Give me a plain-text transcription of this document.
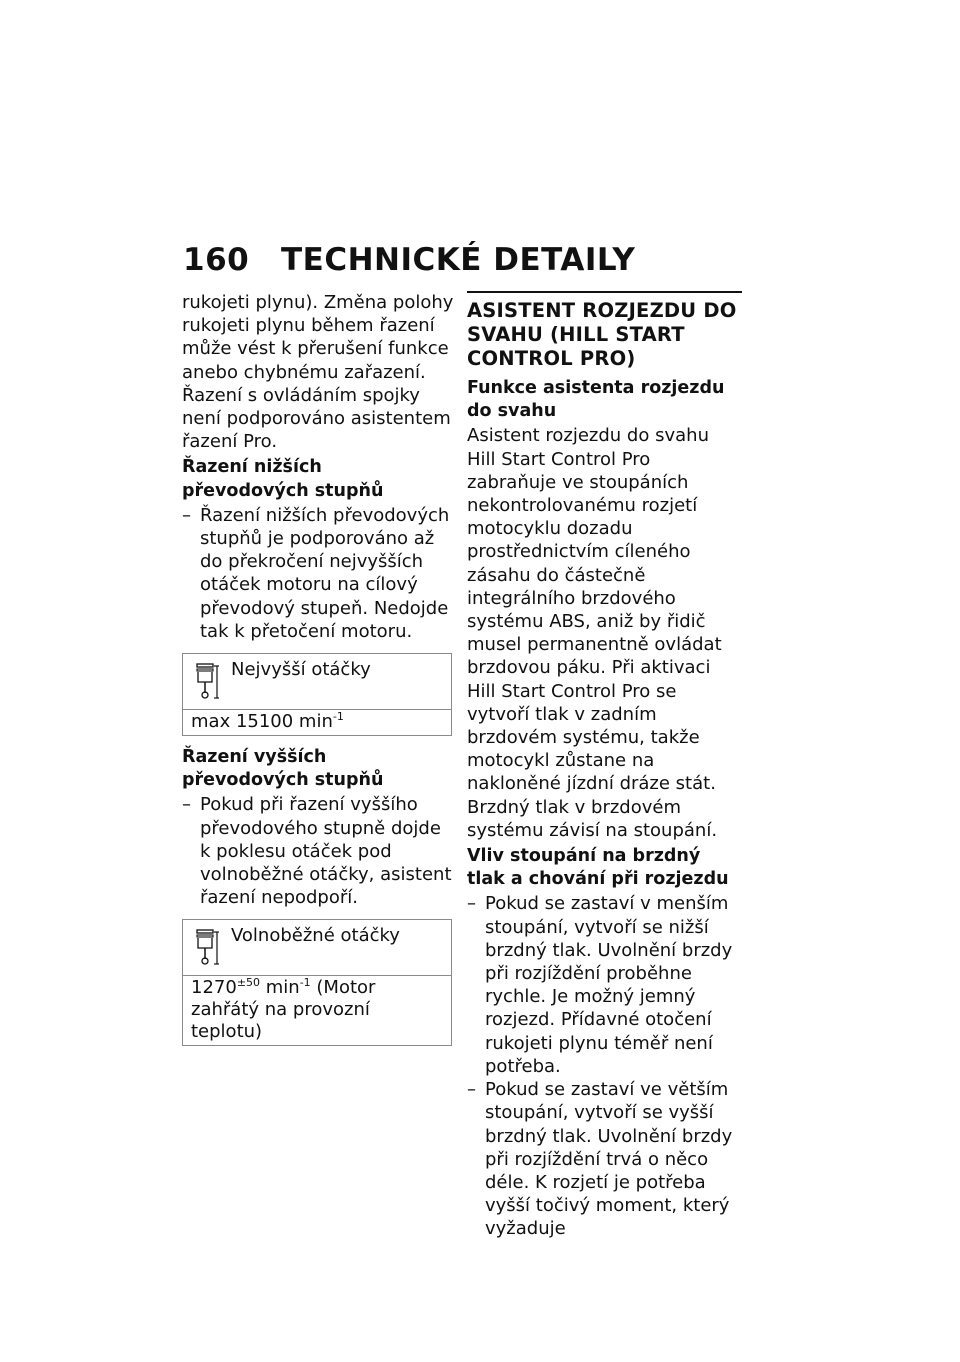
160	TECHNICKÉ DETAILY

rukojeti plynu). Změna polohy rukojeti plynu během řazení může vést k přerušení funkce anebo chybnému zařazení. Řazení s ovládáním spojky není podporováno asistentem řazení Pro.

Řazení nižších převodových stupňů

– Řazení nižších převodových stupňů je podporováno až do překročení nejvyšších otáček motoru na cílový převodový stupeň. Nedojde tak k přetočení motoru.

Nejvyšší otáčky
max 15100 $\min^{-1}$
Řazení vyšších převodových stupňů

– Pokud při řazení vyššího převodového stupně dojde k poklesu otáček pod volnoběžné otáčky, asistent řazení nepodpoří.

Volnoběžné otáčky
$1270^{\pm 50}$ $\min^{-1}$ (Motor zahřátý na provozní teplotu)
ASISTENT ROZJEZDU DO SVAHU (HILL START CONTROL PRO)
Funkce asistenta rozjezdu do svahu

Asistent rozjezdu do svahu Hill Start Control Pro zabraňuje ve stoupáních nekontrolovanému rozjetí motocyklu dozadu prostřednictvím cíleného zásahu do částečně integrálního brzdového systému ABS, aniž by řidič musel permanentně ovládat brzdovou páku. Při aktivaci Hill Start Control Pro se vytvoří tlak v zadním brzdovém systému, takže motocykl zůstane na nakloněné jízdní dráze stát. Brzdný tlak v brzdovém systému závisí na stoupání.

Vliv stoupání na brzdný tlak a chování při rozjezdu

– Pokud se zastaví v menším stoupání, vytvoří se nižší brzdný tlak. Uvolnění brzdy při rozjíždění proběhne rychle. Je možný jemný rozjezd. Přídavné otočení rukojeti plynu téměř není potřeba.

– Pokud se zastaví ve větším stoupání, vytvoří se vyšší brzdný tlak. Uvolnění brzdy při rozjíždění trvá o něco déle. K rozjetí je potřeba vyšší točivý moment, který vyžaduje
